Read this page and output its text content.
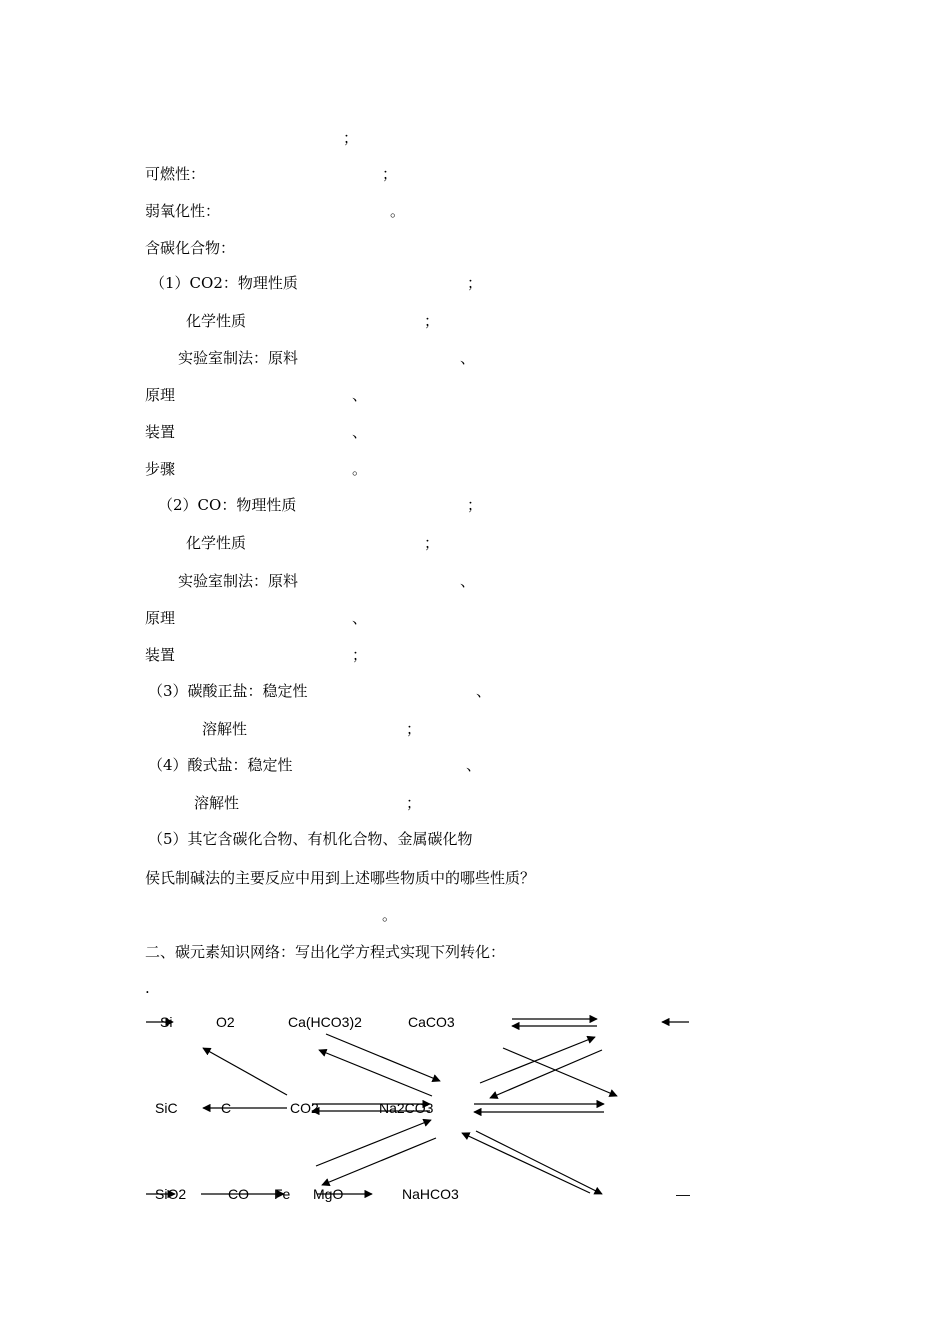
；
可燃性：	；
弱氧化性：	。
含碳化合物：
（1）CO2：物理性质	；
化学性质	；
实验室制法：原料	、
原理	、
装置	、
步骤	。
（2）CO：物理性质	；
化学性质	；
实验室制法：原料	、
原理	、
装置	；
（3）碳酸正盐：稳定性	、
溶解性	；
（4）酸式盐：稳定性	、
溶解性	；
（5）其它含碳化合物、有机化合物、金属碳化物
侯氏制碱法的主要反应中用到上述哪些物质中的哪些性质？
。
二、碳元素知识网络：写出化学方程式实现下列转化：
.
Si	O2	Ca(HCO3)2	CaCO3
SiC	C	CO2	Na2CO3
SiO2	CO Fe MgO	NaHCO3	—
